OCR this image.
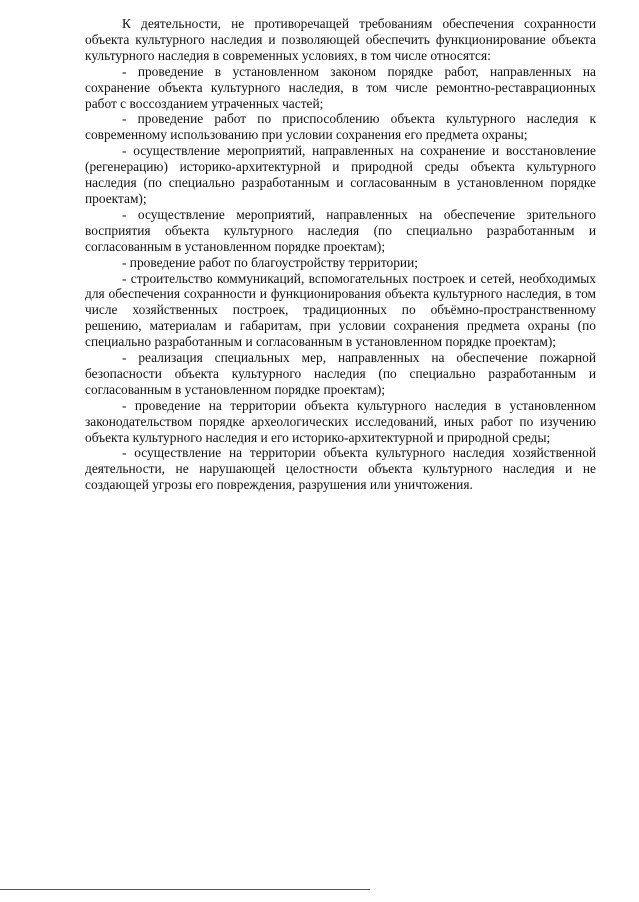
К деятельности, не противоречащей требованиям обеспечения сохранности объекта культурного наследия и позволяющей обеспечить функционирование объекта культурного наследия в современных условиях, в том числе относятся:

- проведение в установленном законом порядке работ, направленных на сохранение объекта культурного наследия, в том числе ремонтно-реставрационных работ с воссозданием утраченных частей;

- проведение работ по приспособлению объекта культурного наследия к современному использованию при условии сохранения его предмета охраны;

- осуществление мероприятий, направленных на сохранение и восстановление (регенерацию) историко-архитектурной и природной среды объекта культурного наследия (по специально разработанным и согласованным в установленном порядке проектам);

- осуществление мероприятий, направленных на обеспечение зрительного восприятия объекта культурного наследия (по специально разработанным и согласованным в установленном порядке проектам);

- проведение работ по благоустройству территории;

- строительство коммуникаций, вспомогательных построек и сетей, необходимых для обеспечения сохранности и функционирования объекта культурного наследия, в том числе хозяйственных построек, традиционных по объёмно-пространственному решению, материалам и габаритам, при условии сохранения предмета охраны (по специально разработанным и согласованным в установленном порядке проектам);

- реализация специальных мер, направленных на обеспечение пожарной безопасности объекта культурного наследия (по специально разработанным и согласованным в установленном порядке проектам);

- проведение на территории объекта культурного наследия в установленном законодательством порядке археологических исследований, иных работ по изучению объекта культурного наследия и его историко-архитектурной и природной среды;

- осуществление на территории объекта культурного наследия хозяйственной деятельности, не нарушающей целостности объекта культурного наследия и не создающей угрозы его повреждения, разрушения или уничтожения.
